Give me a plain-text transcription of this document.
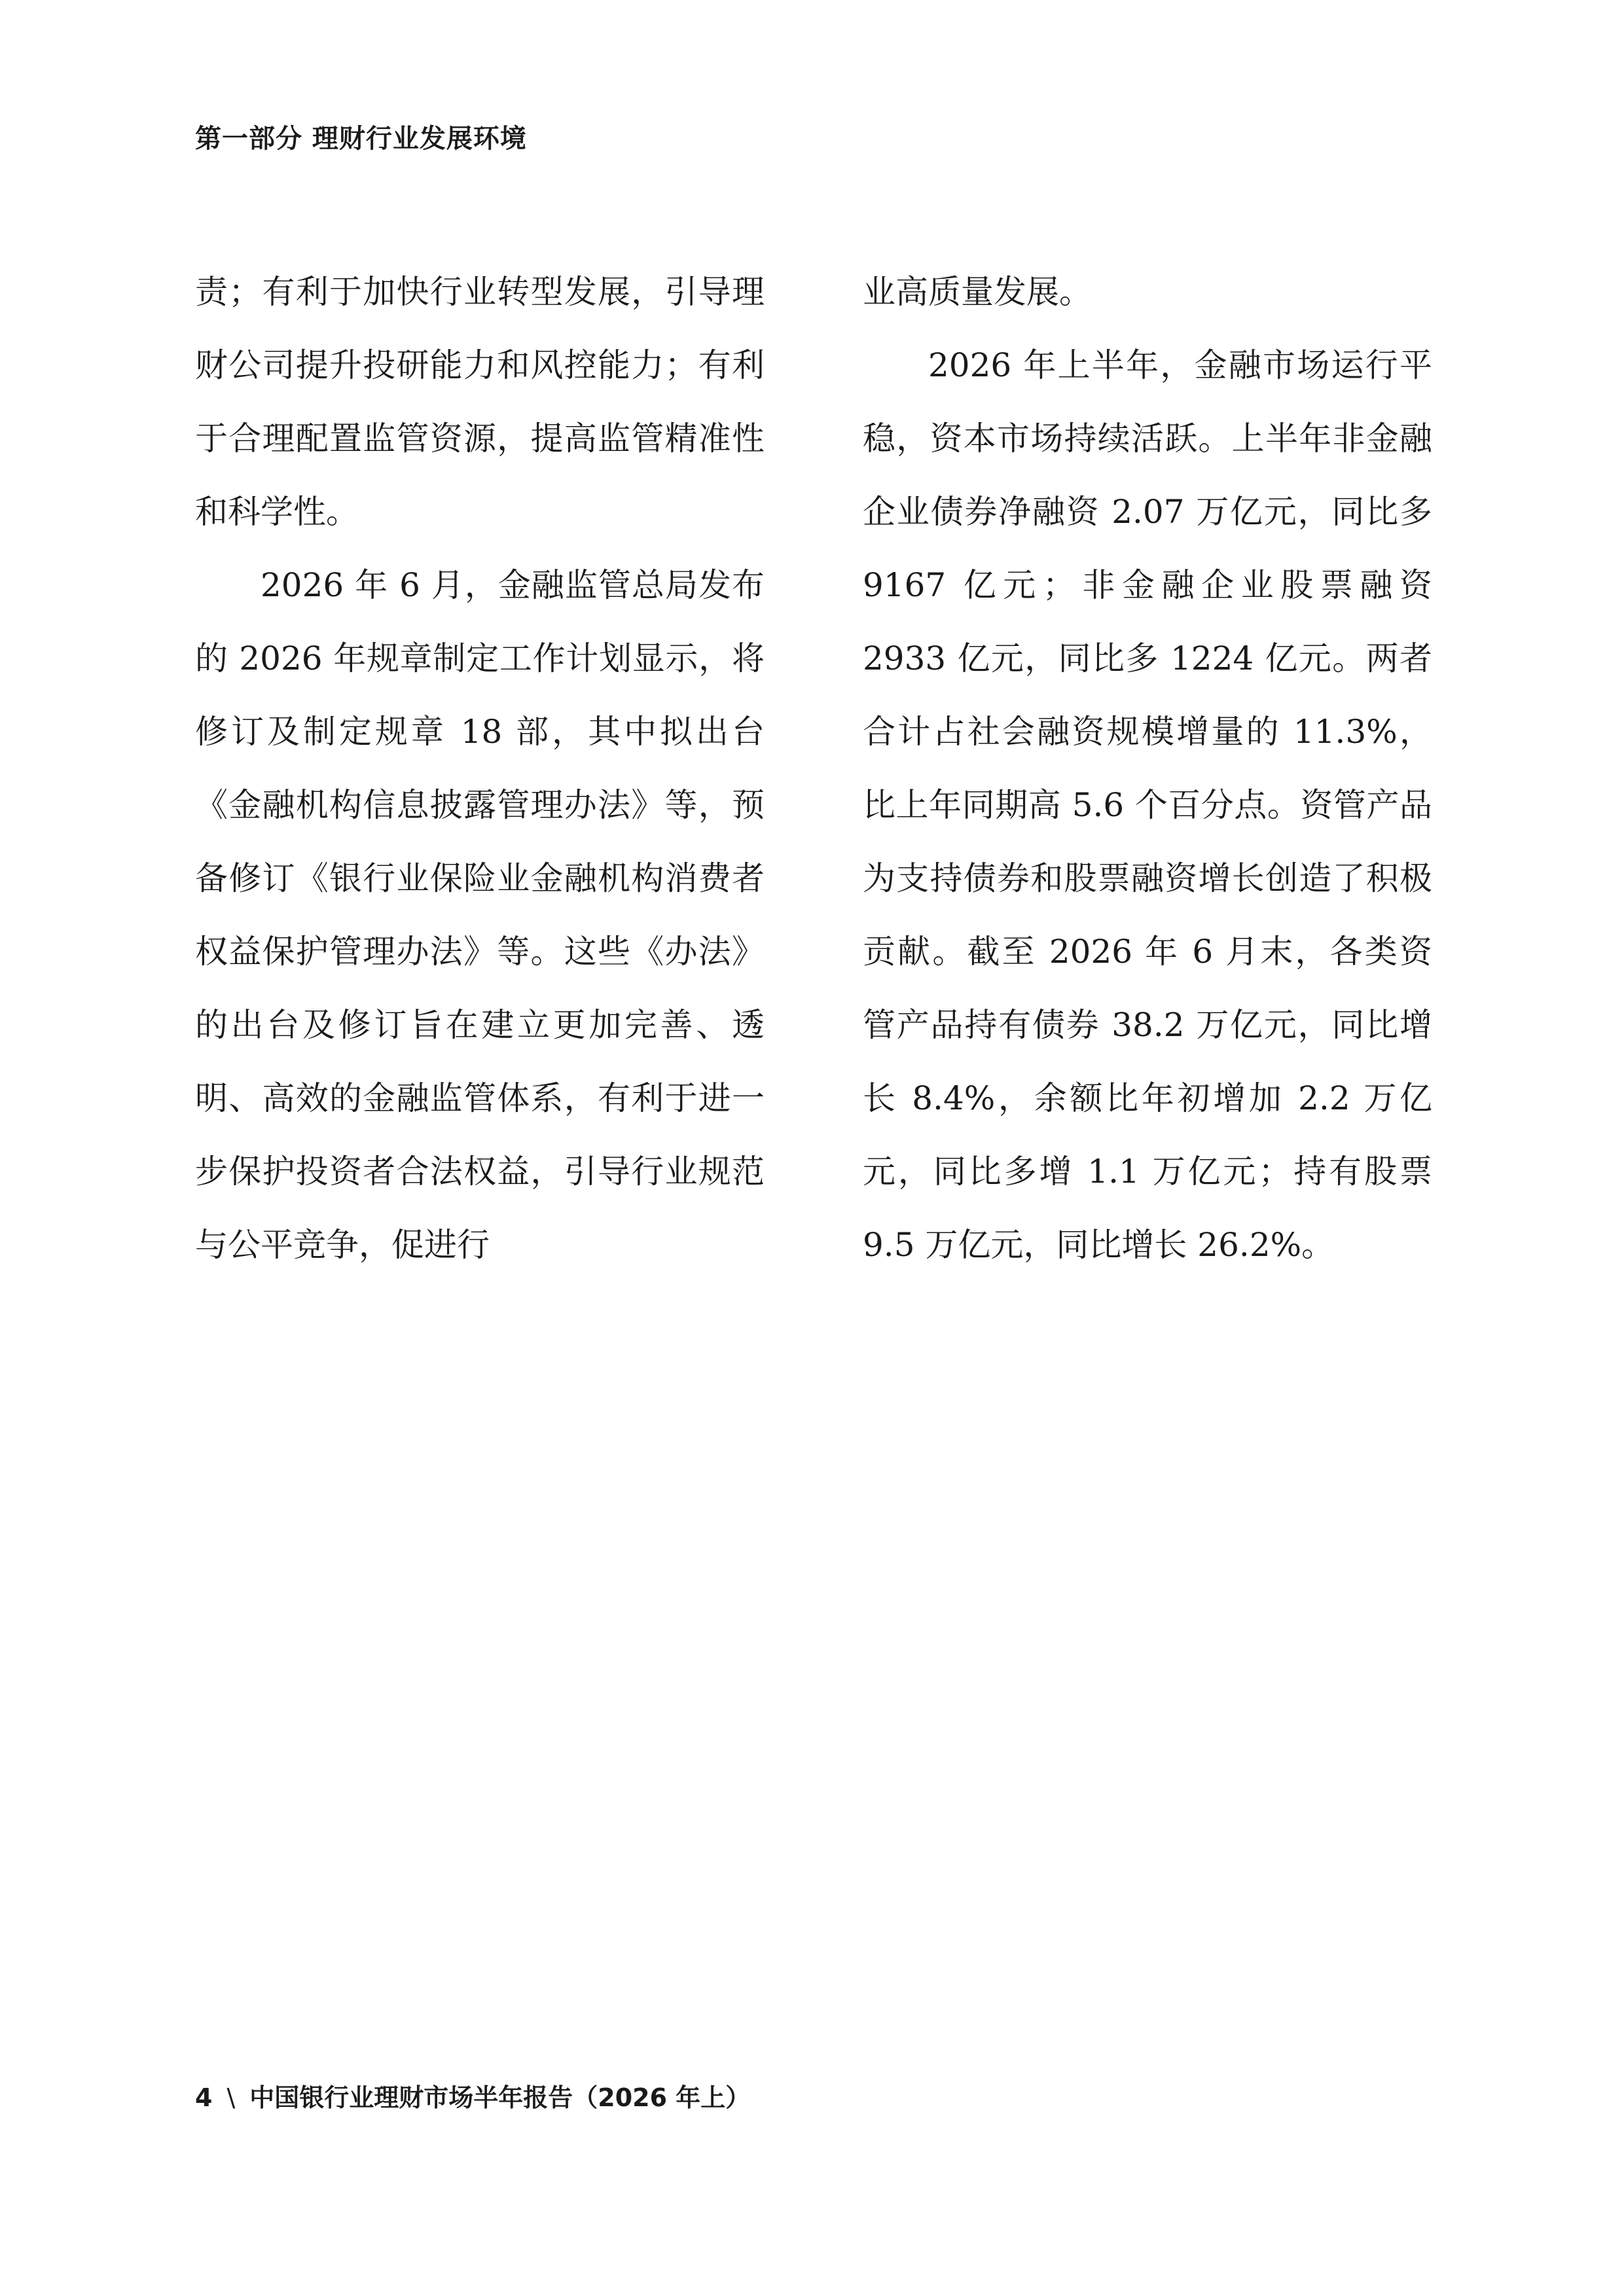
第一部分 理财行业发展环境

责；有利于加快行业转型发展，引导理财公司提升投研能力和风控能力；有利于合理配置监管资源，提高监管精准性和科学性。

2026 年 6 月，金融监管总局发布的 2026 年规章制定工作计划显示，将修订及制定规章 18 部，其中拟出台《金融机构信息披露管理办法》等，预备修订《银行业保险业金融机构消费者权益保护管理办法》等。这些《办法》的出台及修订旨在建立更加完善、透明、高效的金融监管体系，有利于进一步保护投资者合法权益，引导行业规范与公平竞争，促进行

业高质量发展。

2026 年上半年，金融市场运行平稳，资本市场持续活跃。上半年非金融企业债券净融资 2.07 万亿元，同比多 9167 亿元；非金融企业股票融资 2933 亿元，同比多 1224 亿元。两者合计占社会融资规模增量的 11.3%，比上年同期高 5.6 个百分点。资管产品为支持债券和股票融资增长创造了积极贡献。截至 2026 年 6 月末，各类资管产品持有债券 38.2 万亿元，同比增长 8.4%，余额比年初增加 2.2 万亿元，同比多增 1.1 万亿元；持有股票 9.5 万亿元，同比增长 26.2%。

4 \ 中国银行业理财市场半年报告（2026 年上）
